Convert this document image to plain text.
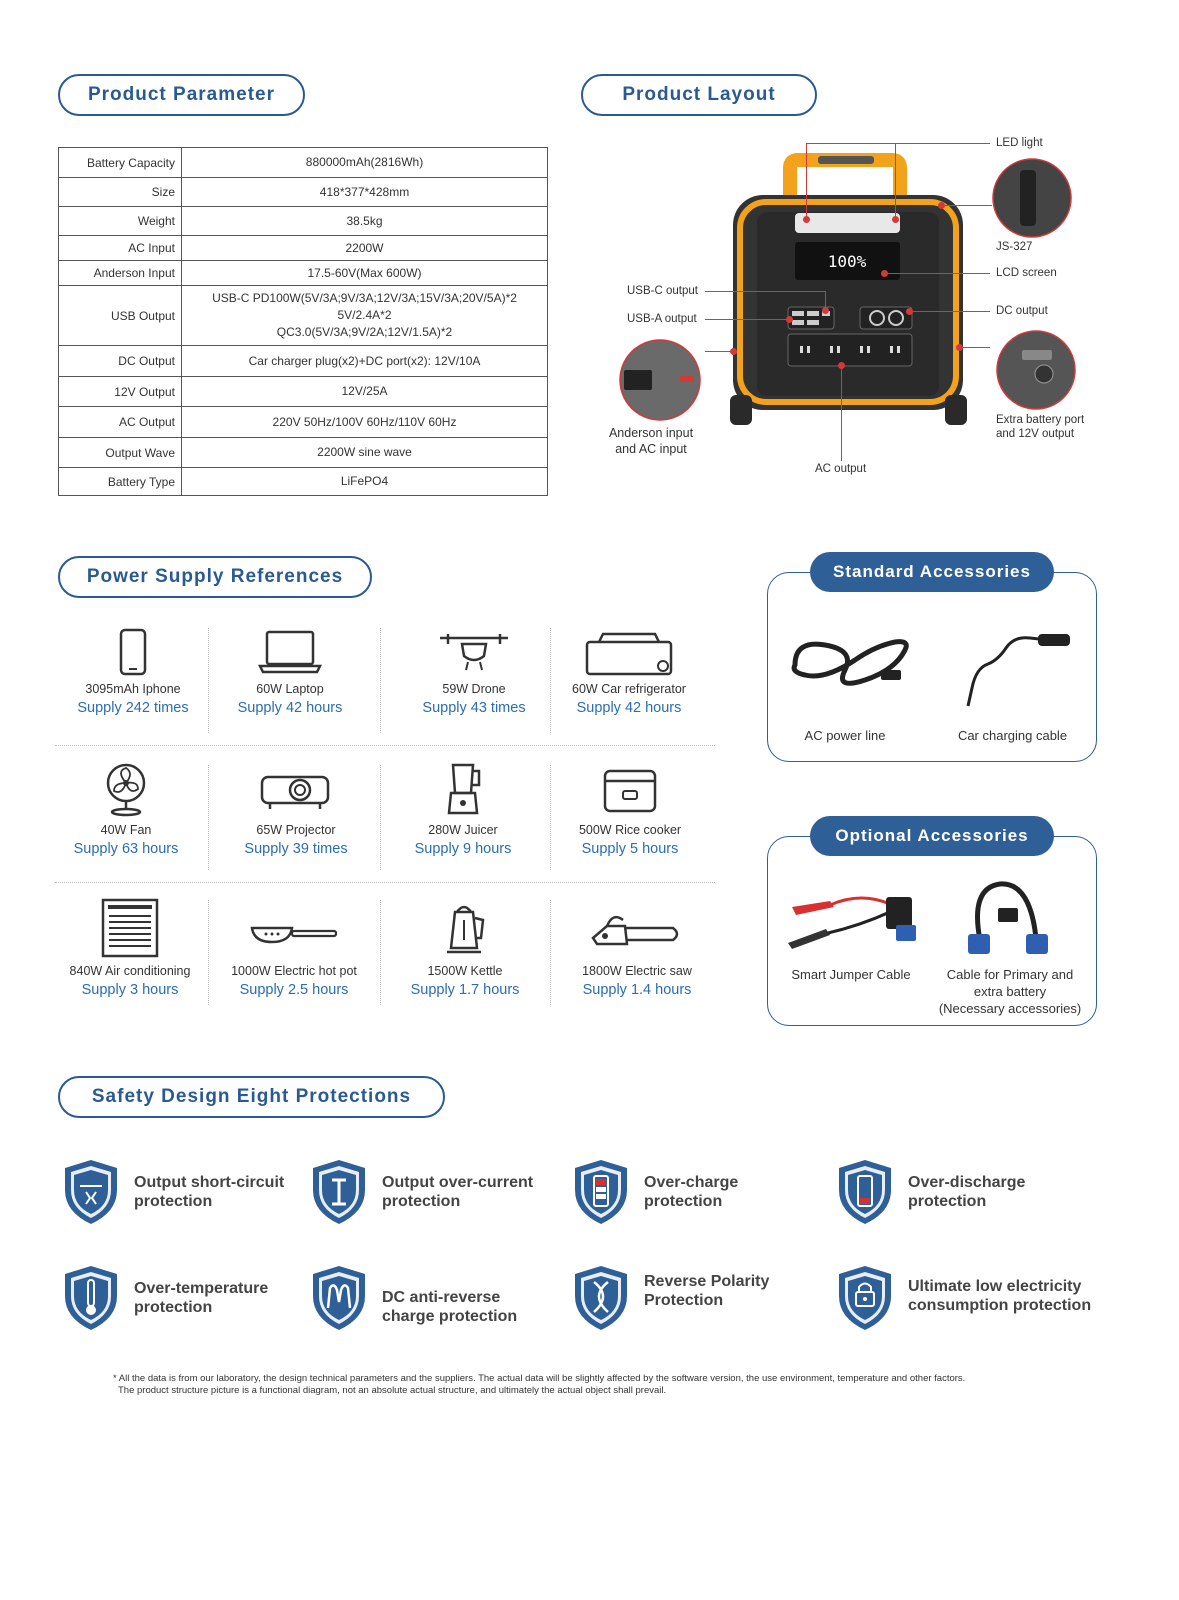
Product Parameter	Product Layout
Battery Capacity	880000mAh(2816Wh)
Size	418*377*428mm
Weight	38.5kg
AC Input	2200W
Anderson Input	17.5-60V(Max 600W)
USB Output	USB-C PD100W(5V/3A;9V/3A;12V/3A;15V/3A;20V/5A)*2
5V/2.4A*2
QC3.0(5V/3A;9V/2A;12V/1.5A)*2

DC Output	Car charger plug(x2)+DC port(x2): 12V/10A
12V Output	12V/25A
AC Output	220V 50Hz/100V 60Hz/110V 60Hz
Output Wave	2200W sine wave
Battery Type	LiFePO4
100%
LED light
JS-327
LCD screen
DC output
USB-C output
USB-A output
Anderson input
and AC input
Extra battery port
and 12V output
AC output
Power Supply References
3095mAh Iphone
Supply 242 times
60W Laptop
Supply 42 hours
59W Drone
Supply 43 times
60W Car refrigerator
Supply 42 hours
40W Fan
Supply 63 hours
65W Projector
Supply 39 times
280W Juicer
Supply 9 hours
500W Rice cooker
Supply 5 hours
840W Air conditioning
Supply 3 hours
1000W Electric hot pot
Supply 2.5 hours
1500W Kettle
Supply 1.7 hours
1800W Electric saw
Supply 1.4 hours
Standard Accessories
AC power line	Car charging cable
Optional Accessories
Smart Jumper Cable	Cable for Primary and
extra battery
(Necessary accessories)
Safety Design Eight Protections
Output short-circuit
protection
Output over-current
protection
Over-charge
protection
Over-discharge
protection
Over-temperature
protection
DC anti-reverse
charge protection
Reverse Polarity
Protection
Ultimate low electricity
consumption protection
* All the data is from our laboratory, the design technical parameters and the suppliers. The actual data will be slightly affected by the software version, the use environment, temperature and other factors.
The product structure picture is a functional diagram, not an absolute actual structure, and ultimately the actual object shall prevail.
